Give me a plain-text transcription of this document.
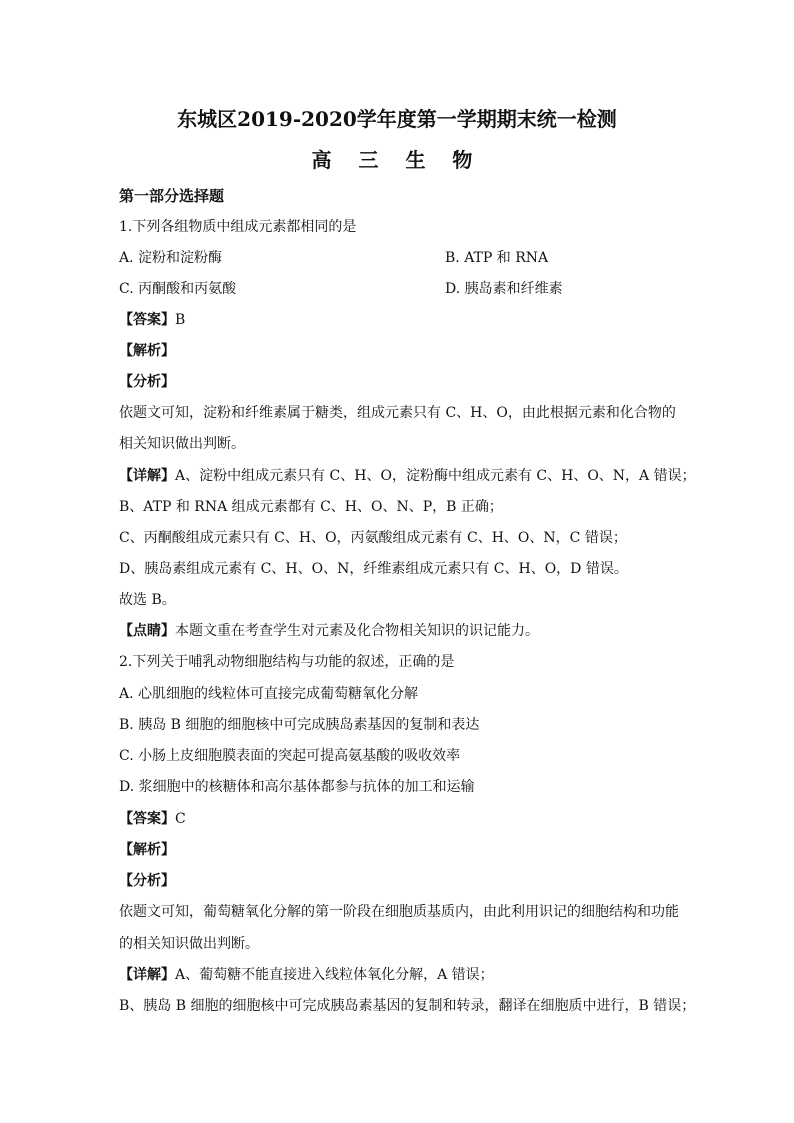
东城区2019-2020学年度第一学期期末统一检测
高 三 生 物
第一部分选择题
1.下列各组物质中组成元素都相同的是
A. 淀粉和淀粉酶	B. ATP 和 RNA
C. 丙酮酸和丙氨酸	D. 胰岛素和纤维素
【答案】B
【解析】
【分析】
依题文可知，淀粉和纤维素属于糖类，组成元素只有 C、H、O，由此根据元素和化合物的
相关知识做出判断。
【详解】A、淀粉中组成元素只有 C、H、O，淀粉酶中组成元素有 C、H、O、N，A 错误；
B、ATP 和 RNA 组成元素都有 C、H、O、N、P，B 正确；
C、丙酮酸组成元素只有 C、H、O，丙氨酸组成元素有 C、H、O、N，C 错误；
D、胰岛素组成元素有 C、H、O、N，纤维素组成元素只有 C、H、O，D 错误。
故选 B。
【点睛】本题文重在考查学生对元素及化合物相关知识的识记能力。
2.下列关于哺乳动物细胞结构与功能的叙述，正确的是
A. 心肌细胞的线粒体可直接完成葡萄糖氧化分解
B. 胰岛 B 细胞的细胞核中可完成胰岛素基因的复制和表达
C. 小肠上皮细胞膜表面的突起可提高氨基酸的吸收效率
D. 浆细胞中的核糖体和高尔基体都参与抗体的加工和运输
【答案】C
【解析】
【分析】
依题文可知，葡萄糖氧化分解的第一阶段在细胞质基质内，由此利用识记的细胞结构和功能
的相关知识做出判断。
【详解】A、葡萄糖不能直接进入线粒体氧化分解，A 错误；
B、胰岛 B 细胞的细胞核中可完成胰岛素基因的复制和转录，翻译在细胞质中进行，B 错误；
